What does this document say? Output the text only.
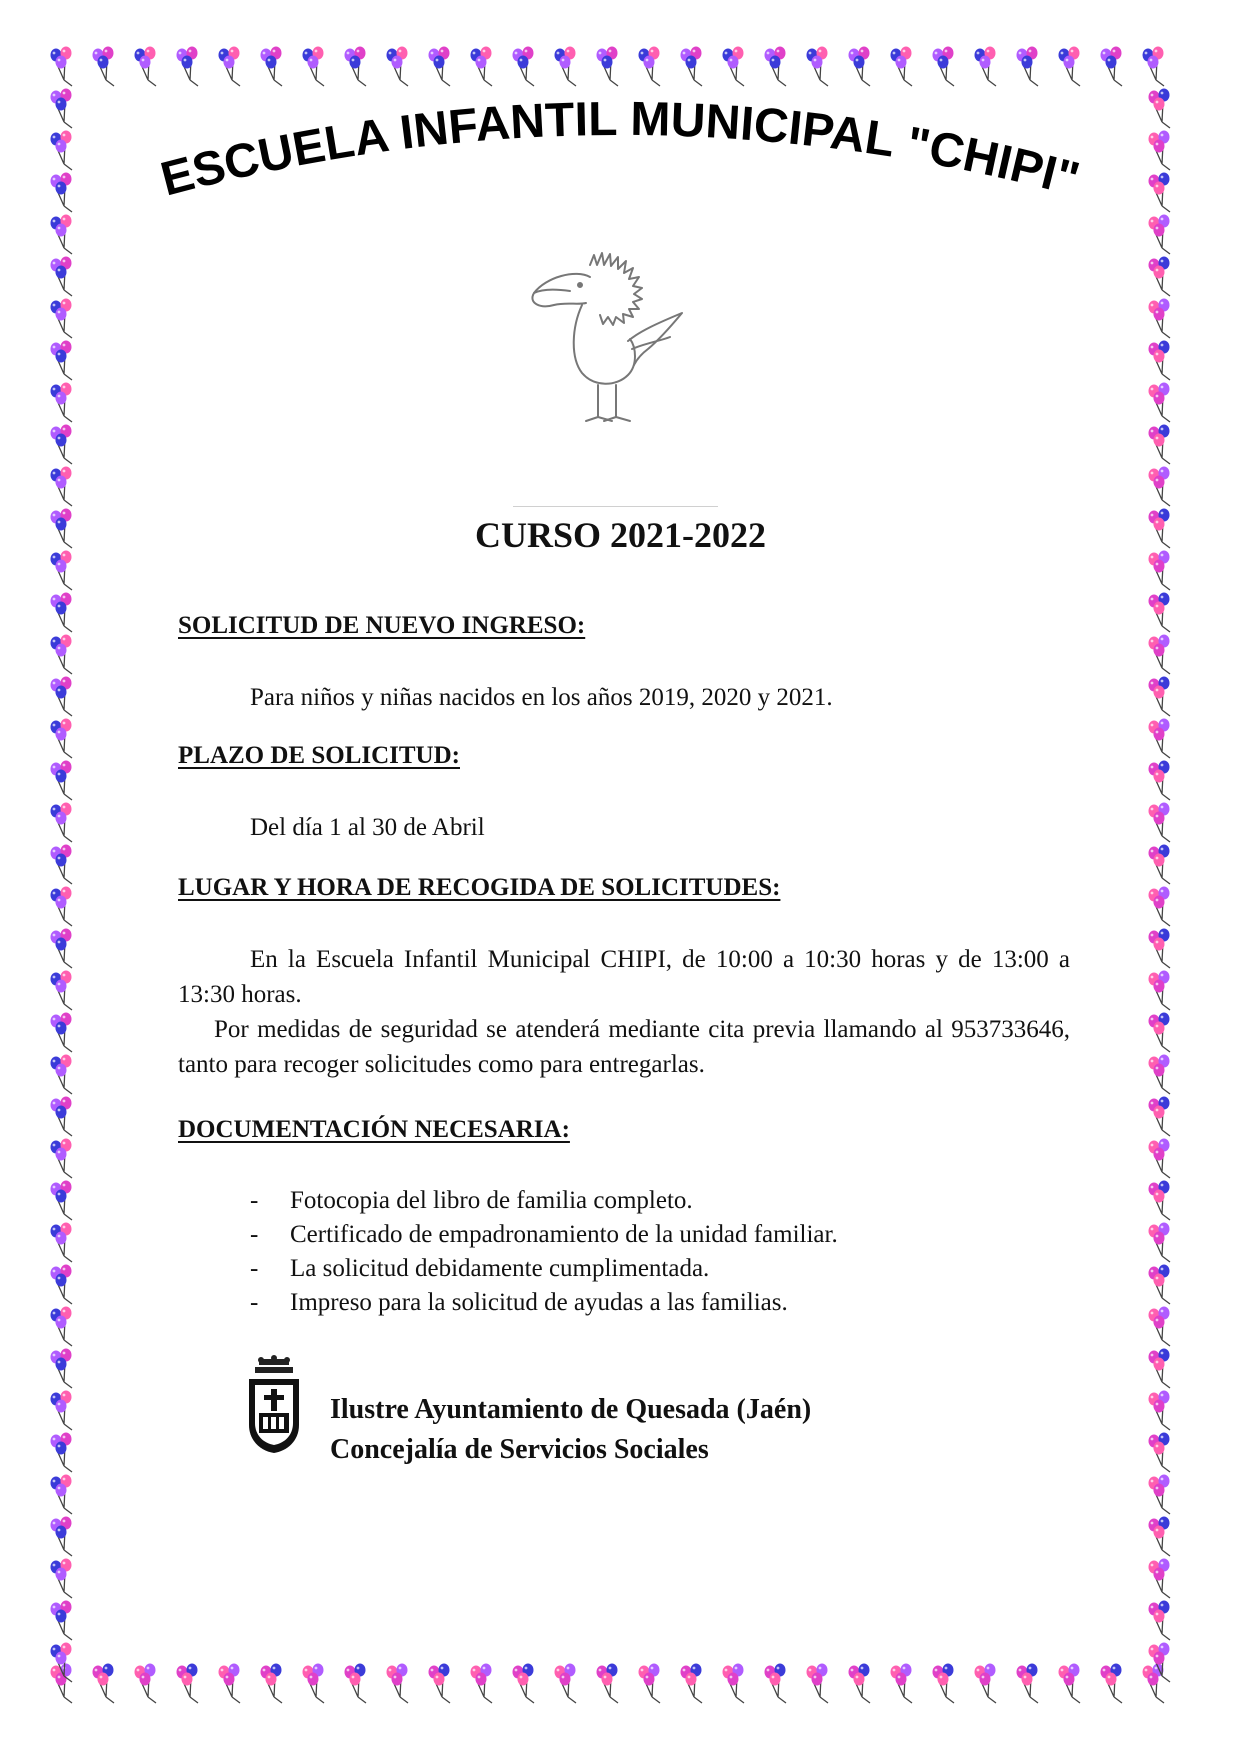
ESCUELA INFANTIL MUNICIPAL "CHIPI"
CURSO 2021-2022
SOLICITUD DE NUEVO INGRESO:
Para niños y niñas nacidos en los años 2019, 2020 y 2021.
PLAZO DE SOLICITUD:
Del día 1 al 30 de Abril
LUGAR Y HORA DE RECOGIDA DE SOLICITUDES:
En la Escuela Infantil Municipal CHIPI, de 10:00 a 10:30 horas y de 13:00 a 13:30 horas.
Por medidas de seguridad se atenderá mediante cita previa llamando al 953733646, tanto para recoger solicitudes como para entregarlas.
DOCUMENTACIÓN NECESARIA:
- Fotocopia del libro de familia completo.
- Certificado de empadronamiento de la unidad familiar.
- La solicitud debidamente cumplimentada.
- Impreso para la solicitud de ayudas a las familias.
Ilustre Ayuntamiento de Quesada (Jaén)
Concejalía de Servicios Sociales
